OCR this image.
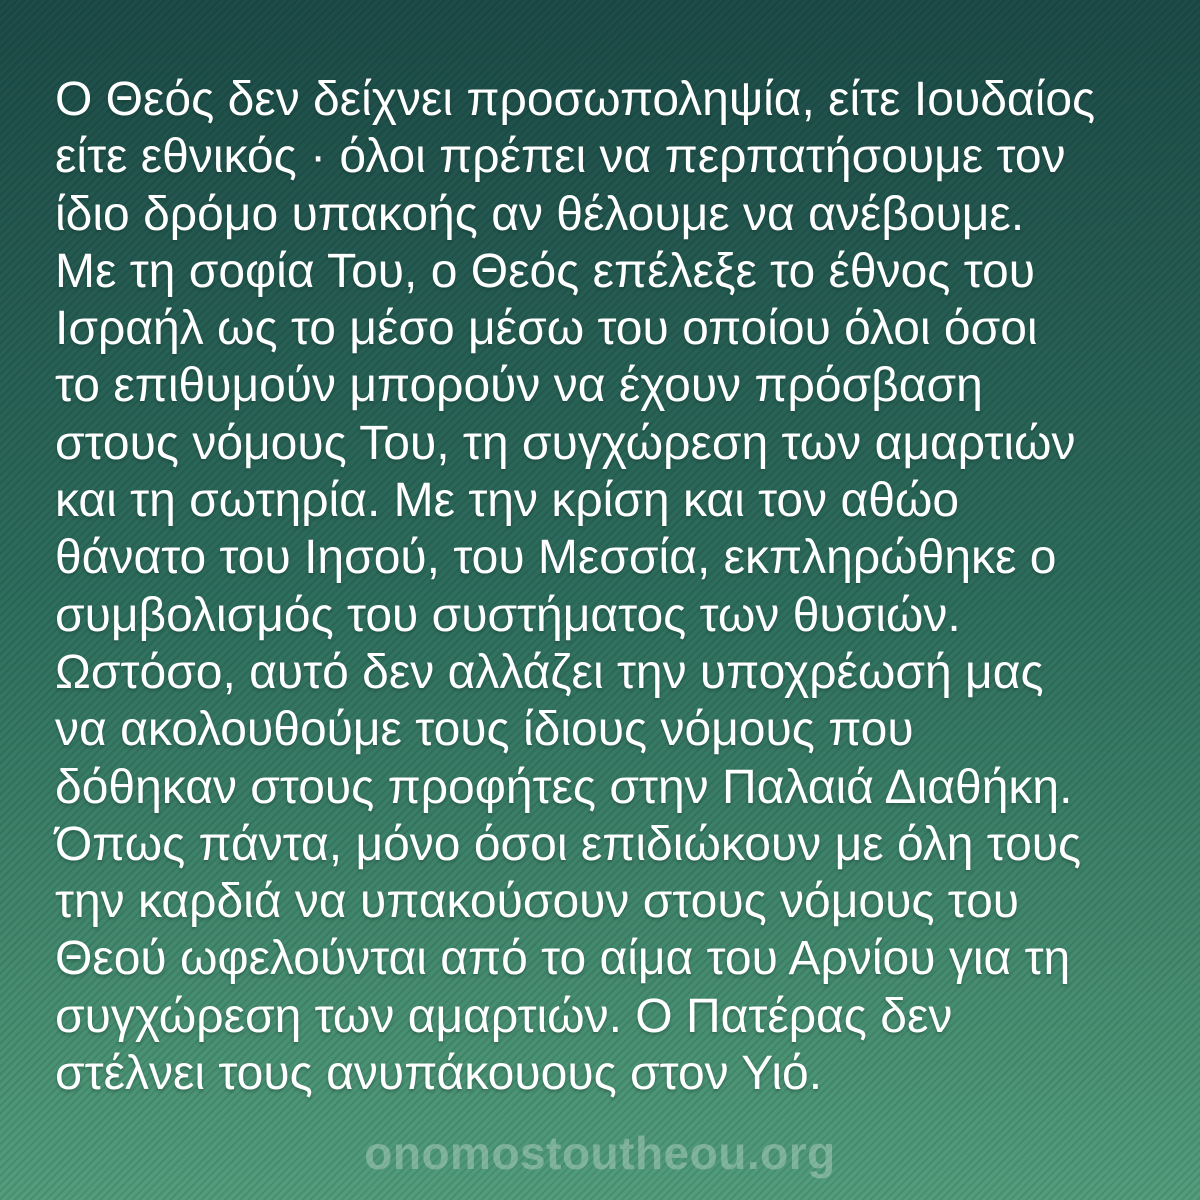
Ο Θεός δεν δείχνει προσωποληψία, είτε Ιουδαίος
είτε εθνικός · όλοι πρέπει να περπατήσουμε τον
ίδιο δρόμο υπακοής αν θέλουμε να ανέβουμε.
Με τη σοφία Του, ο Θεός επέλεξε το έθνος του
Ισραήλ ως το μέσο μέσω του οποίου όλοι όσοι
το επιθυμούν μπορούν να έχουν πρόσβαση
στους νόμους Του, τη συγχώρεση των αμαρτιών
και τη σωτηρία. Με την κρίση και τον αθώο
θάνατο του Ιησού, του Μεσσία, εκπληρώθηκε ο
συμβολισμός του συστήματος των θυσιών.
Ωστόσο, αυτό δεν αλλάζει την υποχρέωσή μας
να ακολουθούμε τους ίδιους νόμους που
δόθηκαν στους προφήτες στην Παλαιά Διαθήκη.
Όπως πάντα, μόνο όσοι επιδιώκουν με όλη τους
την καρδιά να υπακούσουν στους νόμους του
Θεού ωφελούνται από το αίμα του Αρνίου για τη
συγχώρεση των αμαρτιών. Ο Πατέρας δεν
στέλνει τους ανυπάκουους στον Υιό.
onomostoutheou.org
